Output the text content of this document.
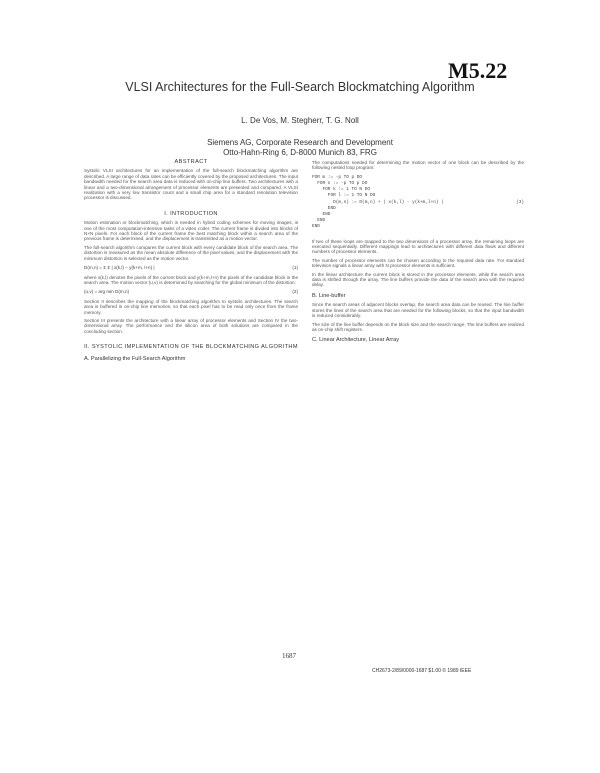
M5.22
VLSI Architectures for the Full-Search Blockmatching Algorithm
L. De Vos, M. Stegherr, T. G. Noll
Siemens AG, Corporate Research and Development
Otto-Hahn-Ring 6, D-8000 Munich 83, FRG
ABSTRACT
Systolic VLSI architectures for an implementation of the full-search blockmatching algorithm are described. A large range of data rates can be efficiently covered by the proposed architectures. The input bandwidth needed for the search area data is reduced with on-chip line buffers. Two architectures with a linear and a two-dimensional arrangement of processor elements are presented and compared. A VLSI realization with a very low transistor count and a small chip area for a standard resolution television processor is discussed.
I. INTRODUCTION
Motion estimation or blockmatching, which is needed in hybrid coding schemes for moving images, is one of the most computation-intensive tasks of a video coder. The current frame is divided into blocks of N×N pixels. For each block of the current frame the best matching block within a search area of the previous frame is determined, and the displacement is transmitted as a motion vector.
The full-search algorithm compares the current block with every candidate block of the search area. The distortion is measured as the mean absolute difference of the pixel values, and the displacement with the minimum distortion is selected as the motion vector.
D(m,n) = Σ Σ | x(k,l) − y(k+m, l+n) |	(1)
where x(k,l) denotes the pixels of the current block and y(k+m,l+n) the pixels of the candidate block in the search area. The motion vector (u,v) is determined by searching for the global minimum of the distortion:
(u,v) = arg min D(m,n)	(2)
Section II describes the mapping of the blockmatching algorithm to systolic architectures. The search area is buffered in on-chip line memories, so that each pixel has to be read only once from the frame memory.
Section III presents the architecture with a linear array of processor elements and Section IV the two-dimensional array. The performance and the silicon area of both solutions are compared in the concluding section.
II. SYSTOLIC IMPLEMENTATION OF THE BLOCKMATCHING ALGORITHM
A. Parallelizing the Full-Search Algorithm
The computations needed for determining the motion vector of one block can be described by the following nested loop program:
FOR m := -p TO p DO
FOR n := -p TO p DO
FOR k := 1 TO N DO
FOR l := 1 TO N DO
D(m,n) := D(m,n) + | x(k,l) - y(k+m,l+n) |	(3)
END
END
END
END
If two of these loops are mapped to the two dimensions of a processor array, the remaining loops are executed sequentially. Different mappings lead to architectures with different data flows and different numbers of processor elements.
The number of processor elements can be chosen according to the required data rate. For standard television signals a linear array with N processor elements is sufficient.
In the linear architecture the current block is stored in the processor elements, while the search area data is shifted through the array. The line buffers provide the data of the search area with the required delay.
B. Line-buffer
Since the search areas of adjacent blocks overlap, the search area data can be reused. The line buffer stores the lines of the search area that are needed for the following blocks, so that the input bandwidth is reduced considerably.
The size of the line buffer depends on the block size and the search range. The line buffers are realized as on-chip shift registers.
C. Linear Architecture, Linear Array
1687
CH2673-2/89/0000-1687 $1.00 © 1989 IEEE
